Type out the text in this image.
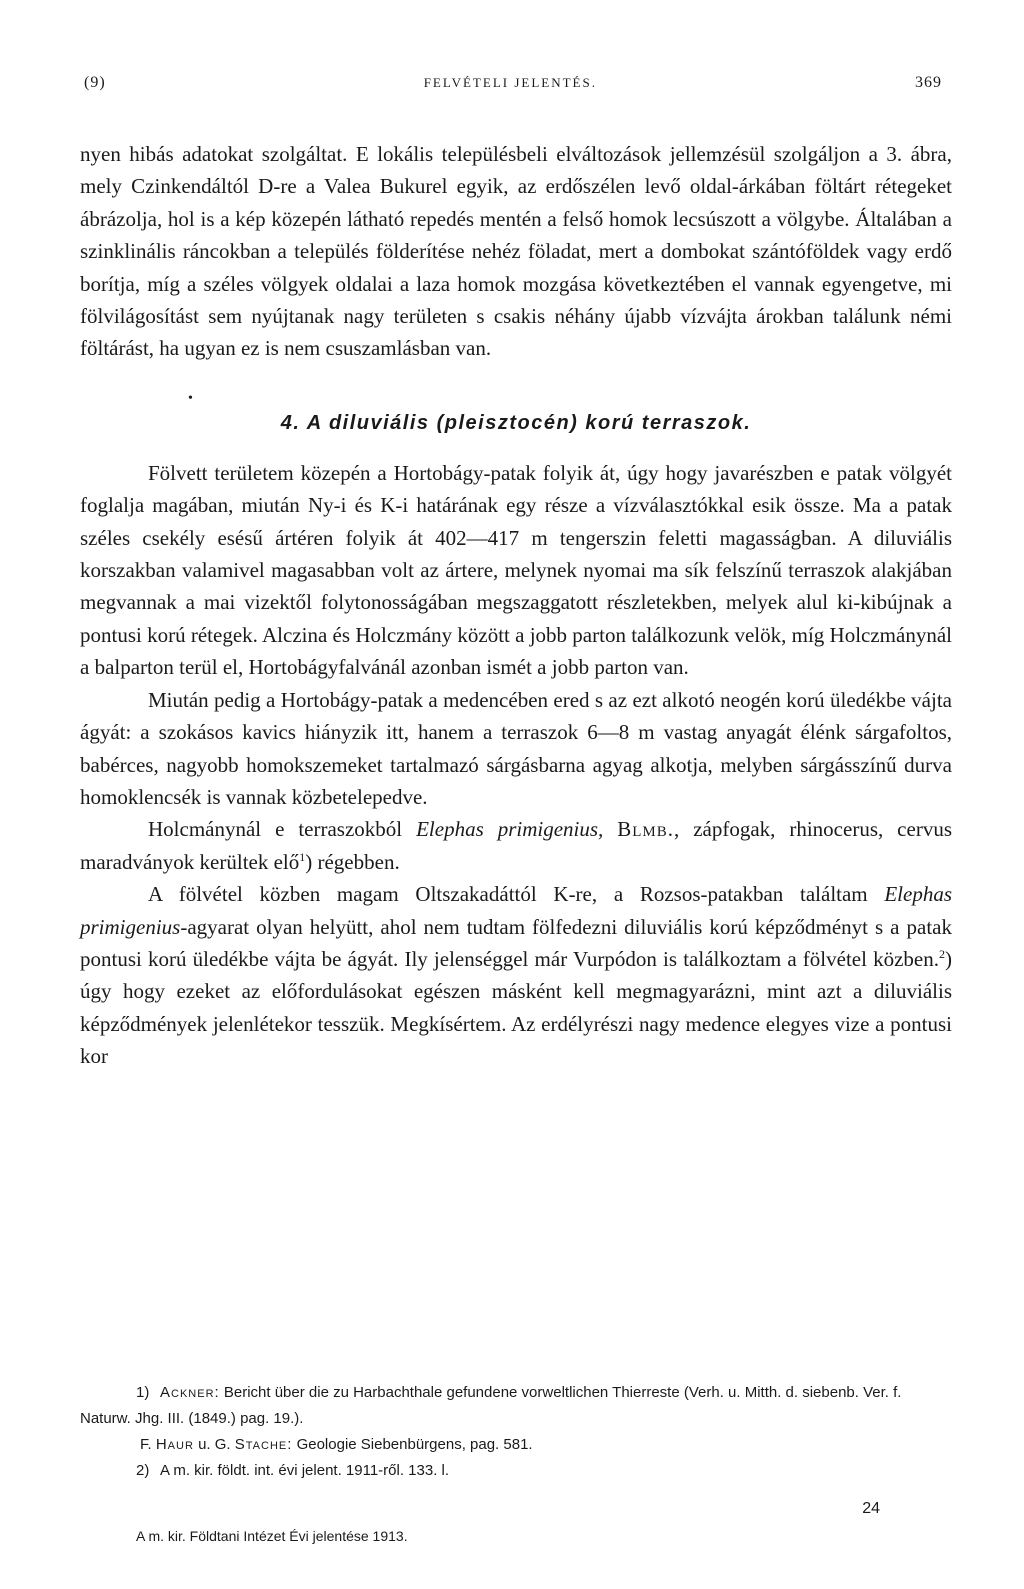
(9)	FELVÉTELI JELENTÉS.	369

nyen hibás adatokat szolgáltat. E lokális településbeli elváltozások jellemzésül szolgáljon a 3. ábra, mely Czinkendáltól D-re a Valea Bukurel egyik, az erdőszélen levő oldal-árkában föltárt rétegeket ábrázolja, hol is a kép közepén látható repedés mentén a felső homok lecsúszott a völgybe. Általában a szinklinális ráncokban a település földerítése nehéz föladat, mert a dombokat szántóföldek vagy erdő borítja, míg a széles völgyek oldalai a laza homok mozgása következtében el vannak egyengetve, mi fölvilágosítást sem nyújtanak nagy területen s csakis néhány újabb vízvájta árokban találunk némi föltárást, ha ugyan ez is nem csuszamlásban van.

•
4. A diluviális (pleisztocén) korú terraszok.

Fölvett területem közepén a Hortobágy-patak folyik át, úgy hogy javarészben e patak völgyét foglalja magában, miután Ny-i és K-i határának egy része a vízválasztókkal esik össze. Ma a patak széles csekély esésű ártéren folyik át 402—417 m tengerszin feletti magasságban. A diluviális korszakban valamivel magasabban volt az ártere, melynek nyomai ma sík felszínű terraszok alakjában megvannak a mai vizektől folytonosságában megszaggatott részletekben, melyek alul ki-kibújnak a pontusi korú rétegek. Alczina és Holczmány között a jobb parton találkozunk velök, míg Holczmánynál a balparton terül el, Hortobágyfalvánál azonban ismét a jobb parton van.

Miután pedig a Hortobágy-patak a medencében ered s az ezt alkotó neogén korú üledékbe vájta ágyát: a szokásos kavics hiányzik itt, hanem a terraszok 6—8 m vastag anyagát élénk sárgafoltos, babérces, nagyobb homokszemeket tartalmazó sárgásbarna agyag alkotja, melyben sárgásszínű durva homoklencsék is vannak közbetelepedve.

Holcmánynál e terraszokból Elephas primigenius, Blmb., zápfogak, rhinocerus, cervus maradványok kerültek elő$^1$) régebben.

A fölvétel közben magam Oltszakadáttól K-re, a Rozsos-patakban találtam Elephas primigenius-agyarat olyan helyütt, ahol nem tudtam fölfedezni diluviális korú képződményt s a patak pontusi korú üledékbe vájta be ágyát. Ily jelenséggel már Vurpódon is találkoztam a fölvétel közben.$^2$) úgy hogy ezeket az előfordulásokat egészen másként kell megmagyarázni, mint azt a diluviális képződmények jelenlétekor tesszük. Megkísértem. Az erdélyrészi nagy medence elegyes vize a pontusi kor

1) Ackner: Bericht über die zu Harbachthale gefundene vorweltlichen Thierreste (Verh. u. Mitth. d. siebenb. Ver. f. Naturw. Jhg. III. (1849.) pag. 19.).

F. Haur u. G. Stache: Geologie Siebenbürgens, pag. 581.

2) A m. kir. földt. int. évi jelent. 1911-ről. 133. l.

A m. kir. Földtani Intézet Évi jelentése 1913.
24
